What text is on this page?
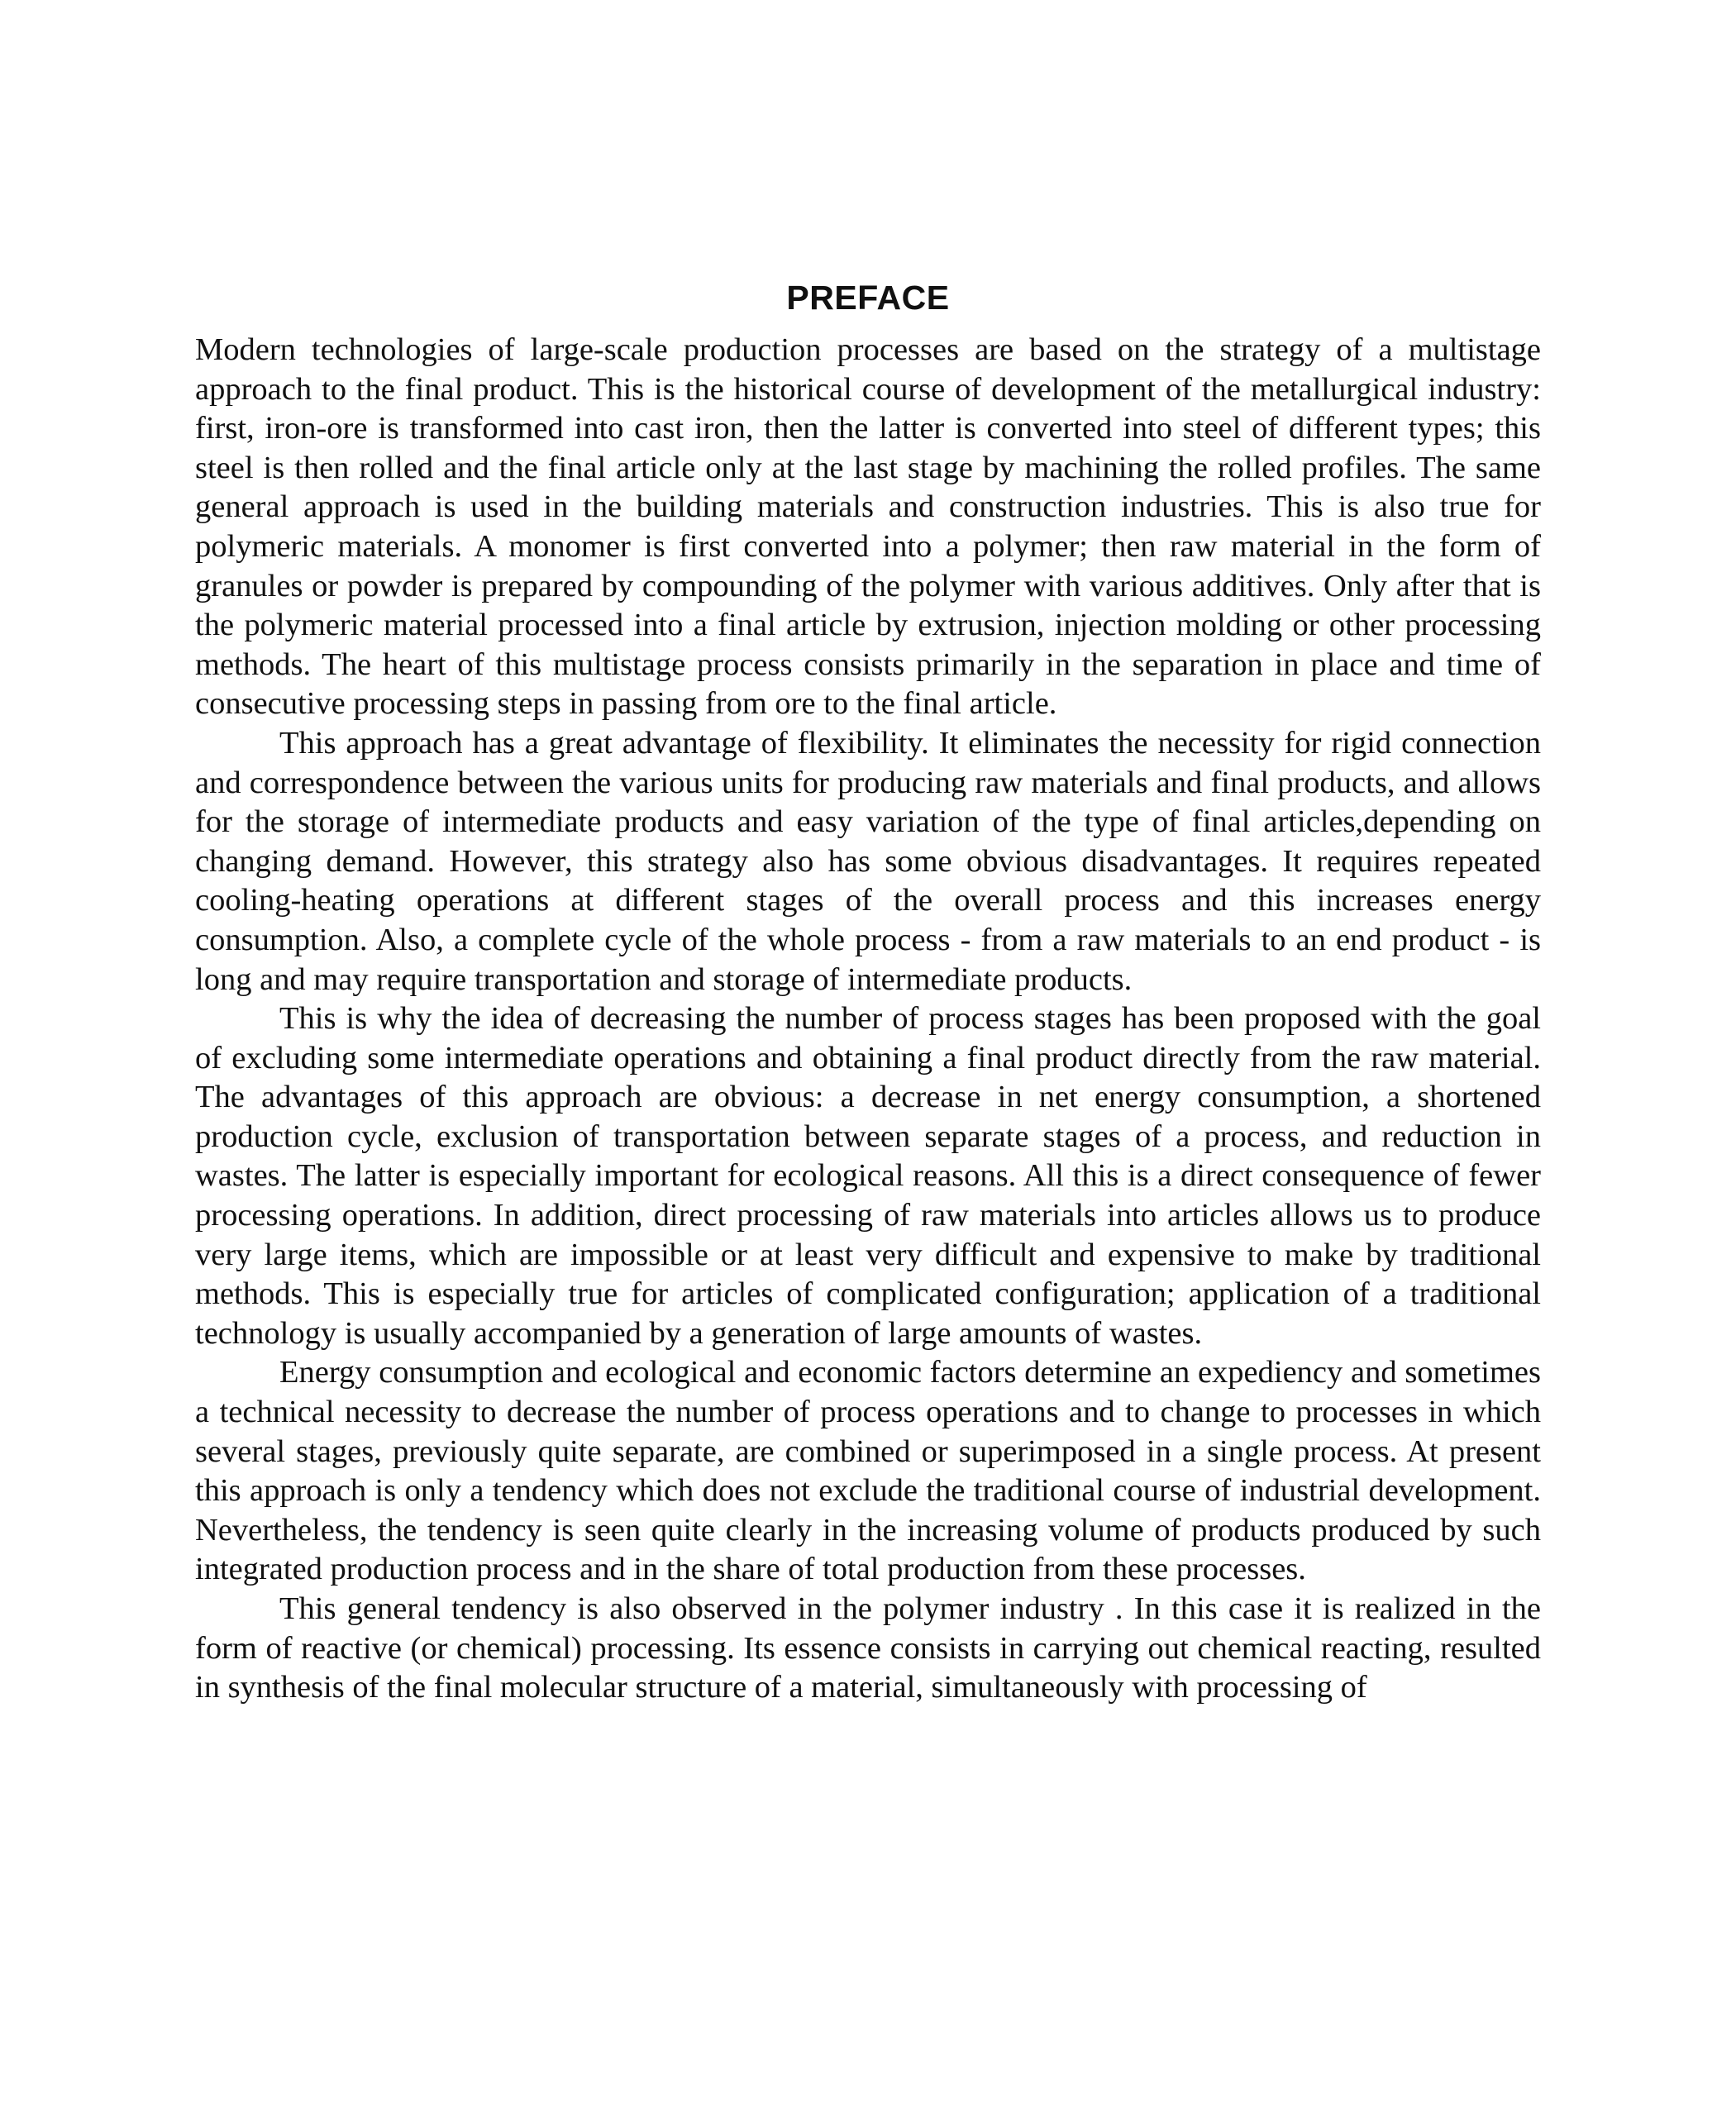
PREFACE

Modern technologies of large-scale production processes are based on the strategy of a multistage approach to the final product. This is the historical course of development of the metallurgical industry: first, iron-ore is transformed into cast iron, then the latter is converted into steel of different types; this steel is then rolled and the final article only at the last stage by machining the rolled profiles. The same general approach is used in the building materials and construction industries. This is also true for polymeric materials. A monomer is first converted into a polymer; then raw material in the form of granules or powder is prepared by compounding of the polymer with various additives. Only after that is the polymeric material processed into a final article by extrusion, injection molding or other processing methods. The heart of this multistage process consists primarily in the separation in place and time of consecutive processing steps in passing from ore to the final article.

This approach has a great advantage of flexibility. It eliminates the necessity for rigid connection and correspondence between the various units for producing raw materials and final products, and allows for the storage of intermediate products and easy variation of the type of final articles,depending on changing demand. However, this strategy also has some obvious disadvantages. It requires repeated cooling-heating operations at different stages of the overall process and this increases energy consumption. Also, a complete cycle of the whole process - from a raw materials to an end product - is long and may require transportation and storage of intermediate products.

This is why the idea of decreasing the number of process stages has been proposed with the goal of excluding some intermediate operations and obtaining a final product directly from the raw material. The advantages of this approach are obvious: a decrease in net energy consumption, a shortened production cycle, exclusion of transportation between separate stages of a process, and reduction in wastes. The latter is especially important for ecological reasons. All this is a direct consequence of fewer processing operations. In addition, direct processing of raw materials into articles allows us to produce very large items, which are impossible or at least very difficult and expensive to make by traditional methods. This is especially true for articles of complicated configuration; application of a traditional technology is usually accompanied by a generation of large amounts of wastes.

Energy consumption and ecological and economic factors determine an expediency and sometimes a technical necessity to decrease the number of process operations and to change to processes in which several stages, previously quite separate, are combined or superimposed in a single process. At present this approach is only a tendency which does not exclude the traditional course of industrial development. Nevertheless, the tendency is seen quite clearly in the increasing volume of products produced by such integrated production process and in the share of total production from these processes.

This general tendency is also observed in the polymer industry . In this case it is realized in the form of reactive (or chemical) processing. Its essence consists in carrying out chemical reacting, resulted in synthesis of the final molecular structure of a material, simultaneously with processing of
